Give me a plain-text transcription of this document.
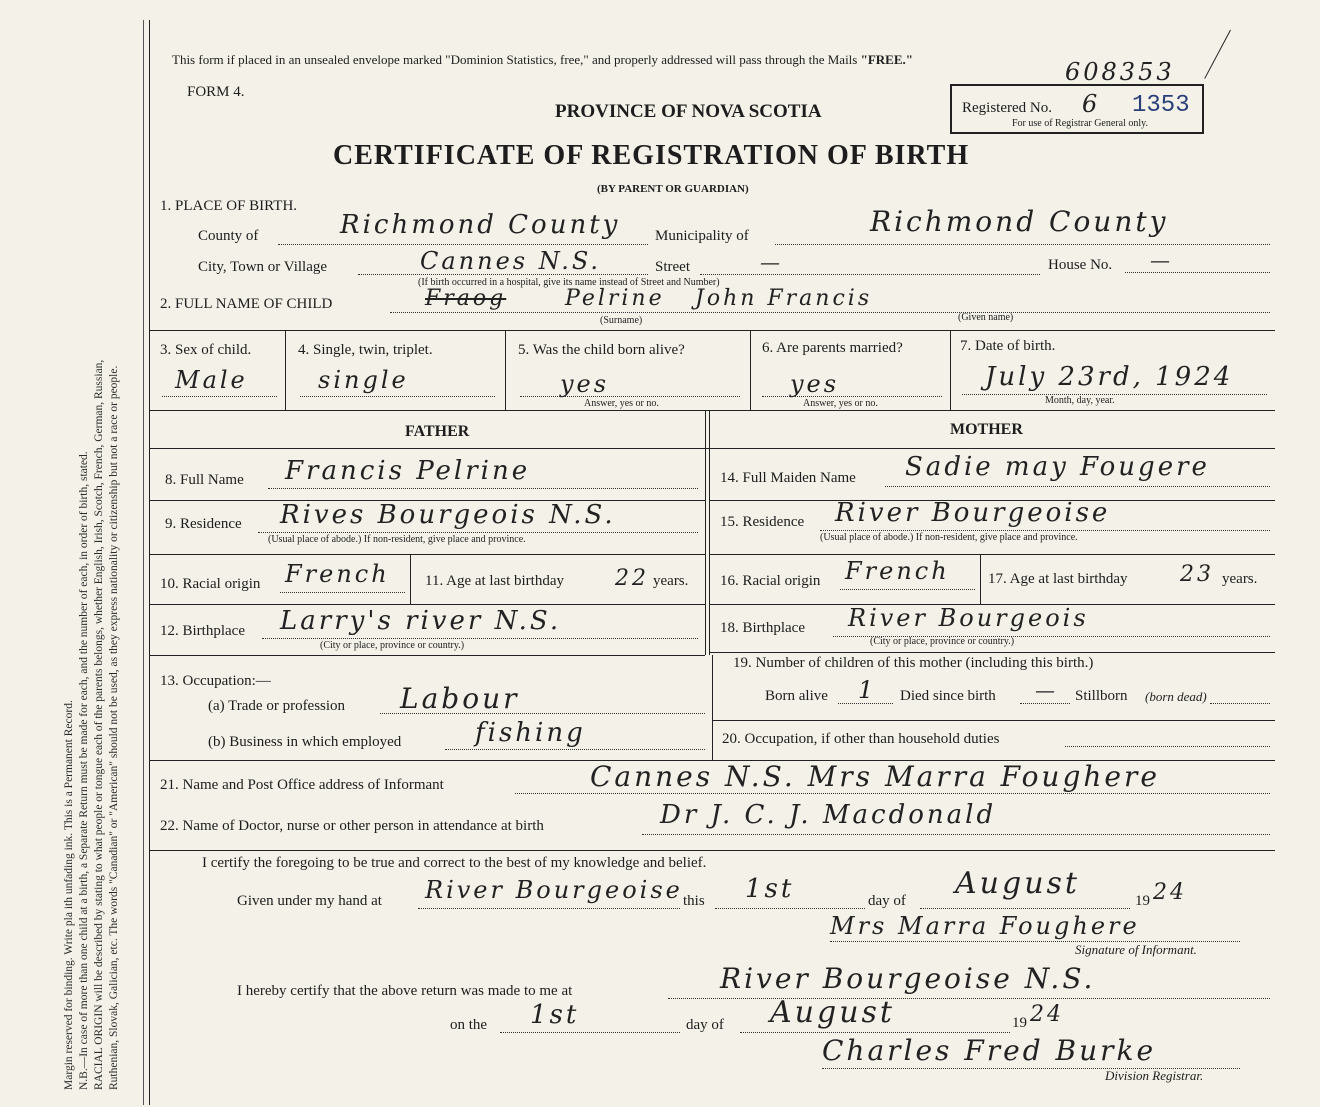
Margin reserved for binding. Write pla ith unfading ink. This is a Permanent Record. N.B.—In case of more than one child at a birth, a Separate Return must be made for each, and the number of each, in order of birth, stated. RACIAL ORIGIN will be described by stating to what people or tongue each of the parents belongs, whether English, Irish, Scotch, French, German, Russian, Ruthenian, Slovak, Galician, etc. The words "Canadian" or "American" should not be used, as they express nationality or citizenship but not a race or people.
This form if placed in an unsealed envelope marked "Dominion Statistics, free," and properly addressed will pass through the Mails "FREE."
FORM 4.
608353
PROVINCE OF NOVA SCOTIA
CERTIFICATE OF REGISTRATION OF BIRTH
(BY PARENT OR GUARDIAN)
Registered No. 6 1353
For use of Registrar General only.
1. PLACE OF BIRTH.
County of	Richmond County Municipality of	Richmond County
City, Town or Village	Cannes N.S.	Street	—	House No. —
(If birth occurred in a hospital, give its name instead of Street and Number)
2. FULL NAME OF CHILD	Fraog	Pelrine John Francis
(Surname)	(Given name)
3. Sex of child.
Male
4. Single, twin, triplet.
single
5. Was the child born alive?
yes
Answer, yes or no.
6. Are parents married?
yes
Answer, yes or no.
7. Date of birth.
July 23rd, 1924
Month, day, year.
FATHER	MOTHER
8. Full Name Francis Pelrine
9. Residence Rives Bourgeois N.S.
(Usual place of abode.) If non-resident, give place and province.
10. Racial origin French 11. Age at last birthday 22 years.
12. Birthplace Larry's river N.S.
(City or place, province or country.)
13. Occupation:—
(a) Trade or profession Labour
(b) Business in which employed	fishing
14. Full Maiden Name Sadie may Fougere
15. Residence River Bourgeoise
(Usual place of abode.) If non-resident, give place and province.
16. Racial origin French	17. Age at last birthday 23 years.
18. Birthplace River Bourgeois
(City or place, province or country.)
19. Number of children of this mother (including this birth.)
Born alive 1 Died since birth — Stillborn (born dead)
20. Occupation, if other than household duties
21. Name and Post Office address of Informant	Cannes N.S. Mrs Marra Foughere
22. Name of Doctor, nurse or other person in attendance at birth	Dr J. C. J. Macdonald
I certify the foregoing to be true and correct to the best of my knowledge and belief.
Given under my hand at River Bourgeoise this 1st	day of August	19 24
Mrs Marra Foughere
Signature of Informant.
I hereby certify that the above return was made to me at	River Bourgeoise N.S.
on the 1st	day of August	19 24
Charles Fred Burke
Division Registrar.
